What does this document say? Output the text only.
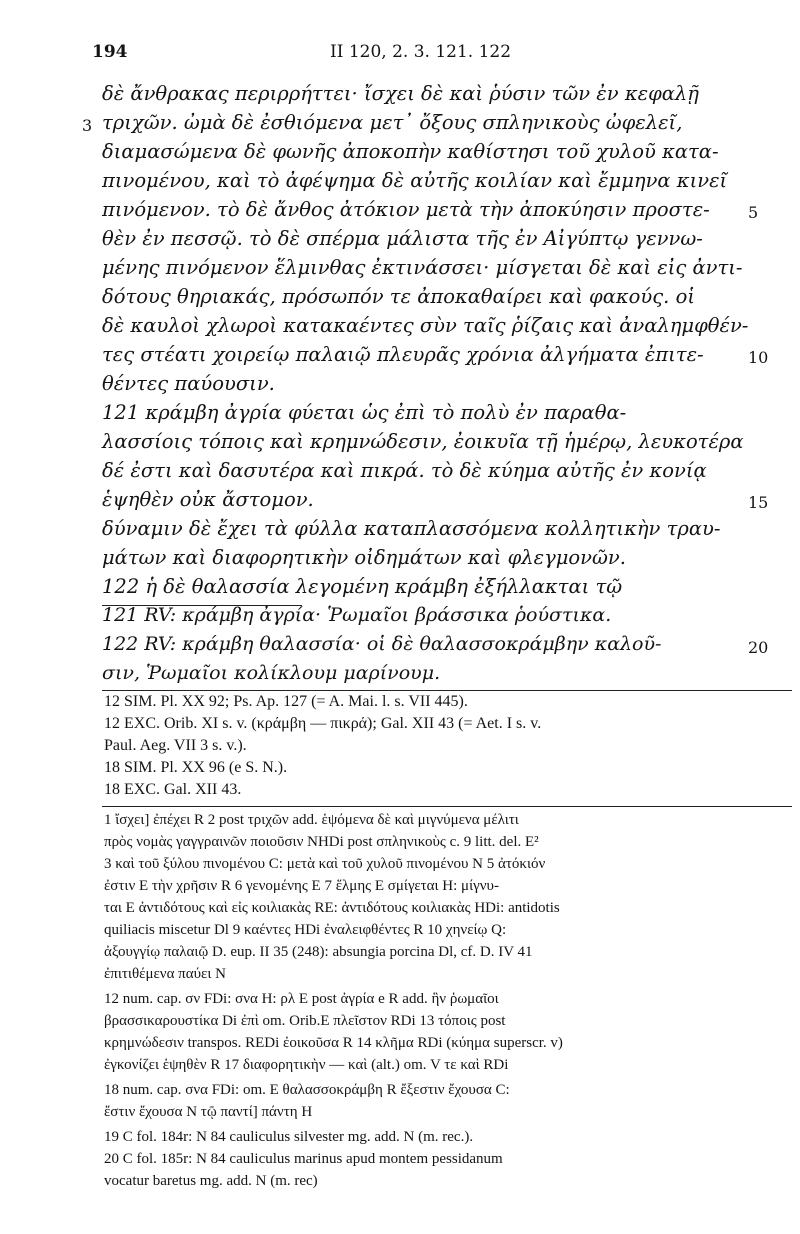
194	II 120, 2. 3. 121. 122
δὲ ἄνθρακας περιρρήττει· ἴσχει δὲ καὶ ῥύσιν τῶν ἐν κεφαλῇ
τριχῶν. ὠμὰ δὲ ἐσθιόμενα μετ᾽ ὄξους σπληνικοὺς ὠφελεῖ,
διαμασώμενα δὲ φωνῆς ἀποκοπὴν καθίστησι τοῦ χυλοῦ κατα-
πινομένου, καὶ τὸ ἀφέψημα δὲ αὐτῆς κοιλίαν καὶ ἔμμηνα κινεῖ
πινόμενον. τὸ δὲ ἄνθος ἀτόκιον μετὰ τὴν ἀποκύησιν προστε-
θὲν ἐν πεσσῷ. τὸ δὲ σπέρμα μάλιστα τῆς ἐν Αἰγύπτῳ γεννω-
μένης πινόμενον ἕλμινθας ἐκτινάσσει· μίσγεται δὲ καὶ εἰς ἀντι-
δότους θηριακάς, πρόσωπόν τε ἀποκαθαίρει καὶ φακούς. οἱ
δὲ καυλοὶ χλωροὶ κατακαέντες σὺν ταῖς ῥίζαις καὶ ἀναλημφθέν-
τες στέατι χοιρείῳ παλαιῷ πλευρᾶς χρόνια ἀλγήματα ἐπιτε-
θέντες παύουσιν.
121 κράμβη ἀγρία φύεται ὡς ἐπὶ τὸ πολὺ ἐν παραθα-
λασσίοις τόποις καὶ κρημνώδεσιν, ἐοικυῖα τῇ ἡμέρῳ, λευκοτέρα
δέ ἐστι καὶ δασυτέρα καὶ πικρά. τὸ δὲ κύημα αὐτῆς ἐν κονίᾳ
ἑψηθὲν οὐκ ἄστομον.
δύναμιν δὲ ἔχει τὰ φύλλα καταπλασσόμενα κολλητικὴν τραυ-
μάτων καὶ διαφορητικὴν οἰδημάτων καὶ φλεγμονῶν.
122 ἡ δὲ θαλασσία λεγομένη κράμβη ἐξήλλακται τῷ
3
5
10
15
20
121 RV: κράμβη ἀγρία· Ῥωμαῖοι βράσσικα ῥούστικα.
122 RV: κράμβη θαλασσία· οἱ δὲ θαλασσοκράμβην καλοῦ-
σιν, Ῥωμαῖοι κολίκλουμ μαρίνουμ.
12 SIM. Pl. XX 92; Ps. Ap. 127 (= A. Mai. l. s. VII 445).
12 EXC. Orib. XI s. v. (κράμβη — πικρά); Gal. XII 43 (= Aet. I s. v.
Paul. Aeg. VII 3 s. v.).
18 SIM. Pl. XX 96 (e S. N.).
18 EXC. Gal. XII 43.
1 ἴσχει] ἐπέχει R 2 post τριχῶν add. ἑψόμενα δὲ καὶ μιγνύμενα μέλιτι
πρὸς νομὰς γαγγραινῶν ποιοῦσιν NHDi post σπληνικοὺς c. 9 litt. del. E²
3 καὶ τοῦ ξύλου πινομένου C: μετὰ καὶ τοῦ χυλοῦ πινομένου N 5 ἀτόκιόν
ἐστιν E τὴν χρῆσιν R 6 γενομένης E 7 ἕλμης E σμίγεται H: μίγνυ-
ται E ἀντιδότους καὶ εἰς κοιλιακὰς RE: ἀντιδότους κοιλιακὰς HDi: antidotis
quiliacis miscetur Dl 9 καέντες HDi ἐναλειφθέντες R 10 χηνείῳ Q:
ἀξουγγίῳ παλαιῷ D. eup. II 35 (248): absungia porcina Dl, cf. D. IV 41
ἐπιτιθέμενα παύει N
12 num. cap. σν FDi: σνα H: ρλ E post ἀγρία e R add. ἣν ῥωμαῖοι
βρασσικαρουστίκα Di ἐπὶ om. Orib.E πλεῖστον RDi 13 τόποις post
κρημνώδεσιν transpos. REDi ἐοικοῦσα R 14 κλῆμα RDi (κύημα superscr. v)
ἐγκονίζει ἑψηθὲν R 17 διαφορητικὴν — καὶ (alt.) om. V τε καὶ RDi
18 num. cap. σνα FDi: om. E θαλασσοκράμβη R ἔξεστιν ἔχουσα C:
ἔστιν ἔχουσα N τῷ παντί] πάντη H
19 C fol. 184r: N 84 cauliculus silvester mg. add. N (m. rec.).
20 C fol. 185r: N 84 cauliculus marinus apud montem pessidanum
vocatur baretus mg. add. N (m. rec)
